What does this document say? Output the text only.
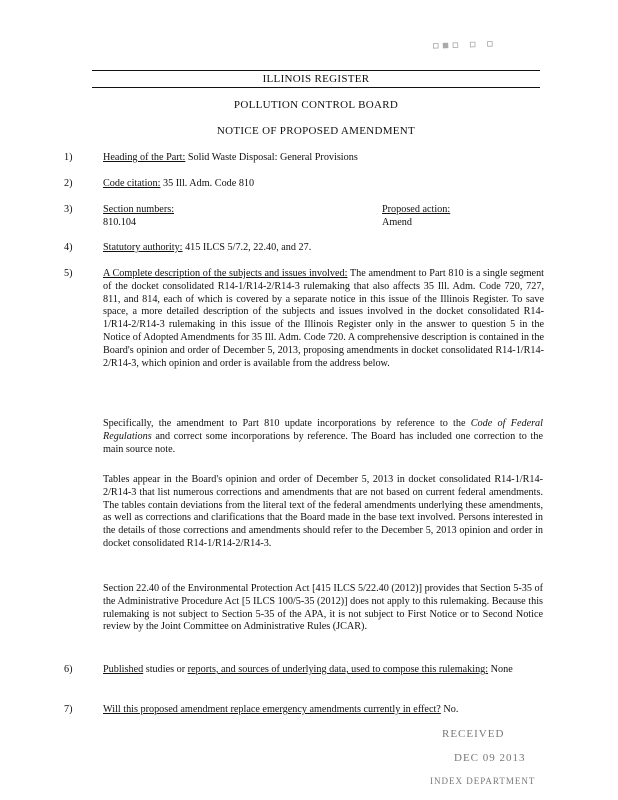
▫▪▫ ▫ ▫
ILLINOIS REGISTER
POLLUTION CONTROL BOARD
NOTICE OF PROPOSED AMENDMENT
1)	Heading of the Part: Solid Waste Disposal: General Provisions
2)	Code citation: 35 Ill. Adm. Code 810
3)	Section numbers:
810.104
Proposed action:
Amend
4)	Statutory authority: 415 ILCS 5/7.2, 22.40, and 27.
5)	A Complete description of the subjects and issues involved: The amendment to Part 810 is a single segment of the docket consolidated R14-1/R14-2/R14-3 rulemaking that also affects 35 Ill. Adm. Code 720, 727, 811, and 814, each of which is covered by a separate notice in this issue of the Illinois Register. To save space, a more detailed description of the subjects and issues involved in the docket consolidated R14-1/R14-2/R14-3 rulemaking in this issue of the Illinois Register only in the answer to question 5 in the Notice of Adopted Amendments for 35 Ill. Adm. Code 720. A comprehensive description is contained in the Board's opinion and order of December 5, 2013, proposing amendments in docket consolidated R14-1/R14-2/R14-3, which opinion and order is available from the address below.
Specifically, the amendment to Part 810 update incorporations by reference to the Code of Federal Regulations and correct some incorporations by reference. The Board has included one correction to the main source note.
Tables appear in the Board's opinion and order of December 5, 2013 in docket consolidated R14-1/R14-2/R14-3 that list numerous corrections and amendments that are not based on current federal amendments. The tables contain deviations from the literal text of the federal amendments underlying these amendments, as well as corrections and clarifications that the Board made in the base text involved. Persons interested in the details of those corrections and amendments should refer to the December 5, 2013 opinion and order in docket consolidated R14-1/R14-2/R14-3.
Section 22.40 of the Environmental Protection Act [415 ILCS 5/22.40 (2012)] provides that Section 5-35 of the Administrative Procedure Act [5 ILCS 100/5-35 (2012)] does not apply to this rulemaking. Because this rulemaking is not subject to Section 5-35 of the APA, it is not subject to First Notice or to Second Notice review by the Joint Committee on Administrative Rules (JCAR).
6)	Published studies or reports, and sources of underlying data, used to compose this rulemaking: None
7)	Will this proposed amendment replace emergency amendments currently in effect? No.
RECEIVED
DEC 09 2013
INDEX DEPARTMENT
